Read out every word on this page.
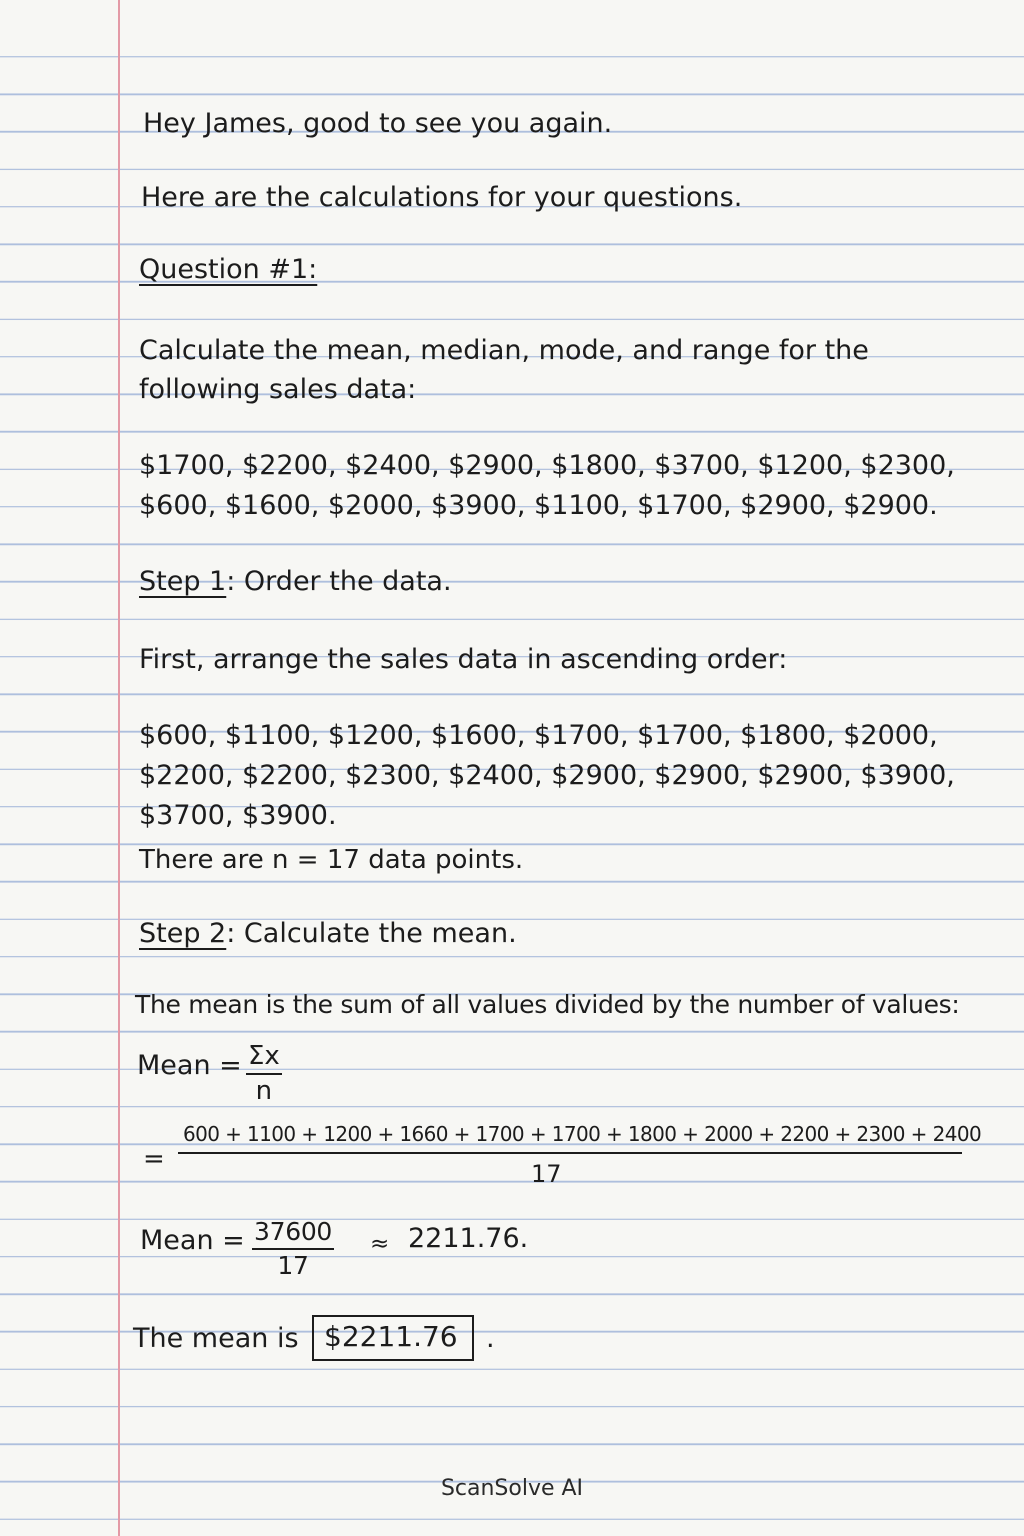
Hey James, good to see you again.
Here are the calculations for your questions.
Question #1:
Calculate the mean, median, mode, and range for the
following sales data:
$1700, $2200, $2400, $2900, $1800, $3700, $1200, $2300,
$600, $1600, $2000, $3900, $1100, $1700, $2900, $2900.
Step 1: Order the data.
First, arrange the sales data in ascending order:
$600, $1100, $1200, $1600, $1700, $1700, $1800, $2000,
$2200, $2200, $2300, $2400, $2900, $2900, $2900, $3900,
$3700, $3900.
There are n = 17 data points.
Step 2: Calculate the mean.
The mean is the sum of all values divided by the number of values:
Mean = $\frac{\Sigma x}{n}$
600 + 1100 + 1200 + 1660 + 1700 + 1700 + 1800 + 2000 + 2200 + 2300 + 2400
=	17
Mean = $\frac{37600}{17} \approx 2211.76$.
The mean is $2211.76	.
ScanSolve AI
